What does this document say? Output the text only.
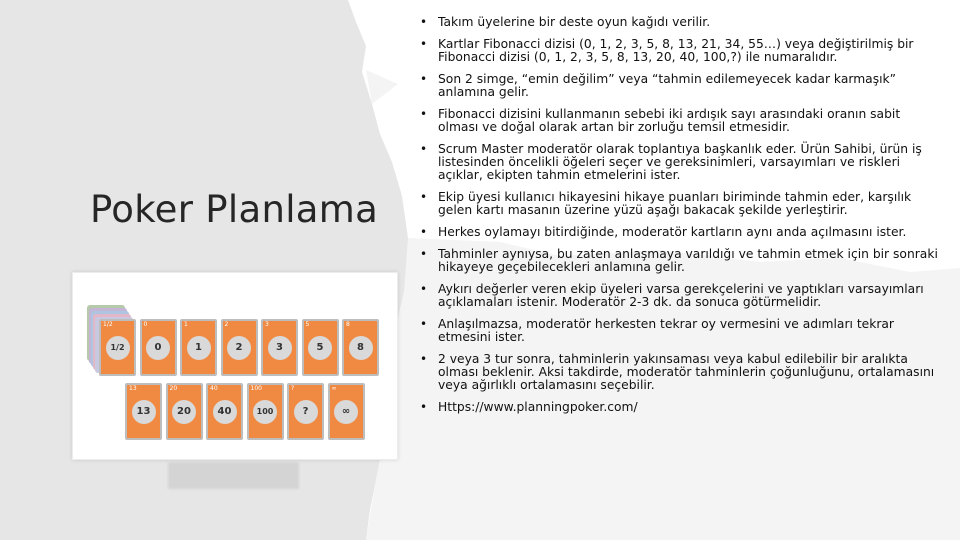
Poker Planlama
1/2
1/2
0
0
1
1
2
2
3
3
5
5
8
8
13
13
20
20
40
40
100
100
?
?
∞
∞
• Takım üyelerine bir deste oyun kağıdı verilir.
• Kartlar Fibonacci dizisi (0, 1, 2, 3, 5, 8, 13, 21, 34, 55…) veya değiştirilmiş bir Fibonacci dizisi (0, 1, 2, 3, 5, 8, 13, 20, 40, 100,?) ile numaralıdır.
• Son 2 simge, “emin değilim” veya “tahmin edilemeyecek kadar karmaşık” anlamına gelir.
• Fibonacci dizisini kullanmanın sebebi iki ardışık sayı arasındaki oranın sabit olması ve doğal olarak artan bir zorluğu temsil etmesidir.
• Scrum Master moderatör olarak toplantıya başkanlık eder. Ürün Sahibi, ürün iş listesinden öncelikli öğeleri seçer ve gereksinimleri, varsayımları ve riskleri açıklar, ekipten tahmin etmelerini ister.
• Ekip üyesi kullanıcı hikayesini hikaye puanları biriminde tahmin eder, karşılık gelen kartı masanın üzerine yüzü aşağı bakacak şekilde yerleştirir.
• Herkes oylamayı bitirdiğinde, moderatör kartların aynı anda açılmasını ister.
• Tahminler aynıysa, bu zaten anlaşmaya varıldığı ve tahmin etmek için bir sonraki hikayeye geçebilecekleri anlamına gelir.
• Aykırı değerler veren ekip üyeleri varsa gerekçelerini ve yaptıkları varsayımları açıklamaları istenir. Moderatör 2-3 dk. da sonuca götürmelidir.
• Anlaşılmazsa, moderatör herkesten tekrar oy vermesini ve adımları tekrar etmesini ister.
• 2 veya 3 tur sonra, tahminlerin yakınsaması veya kabul edilebilir bir aralıkta olması beklenir. Aksi takdirde, moderatör tahminlerin çoğunluğunu, ortalamasını veya ağırlıklı ortalamasını seçebilir.
• Https://www.planningpoker.com/
